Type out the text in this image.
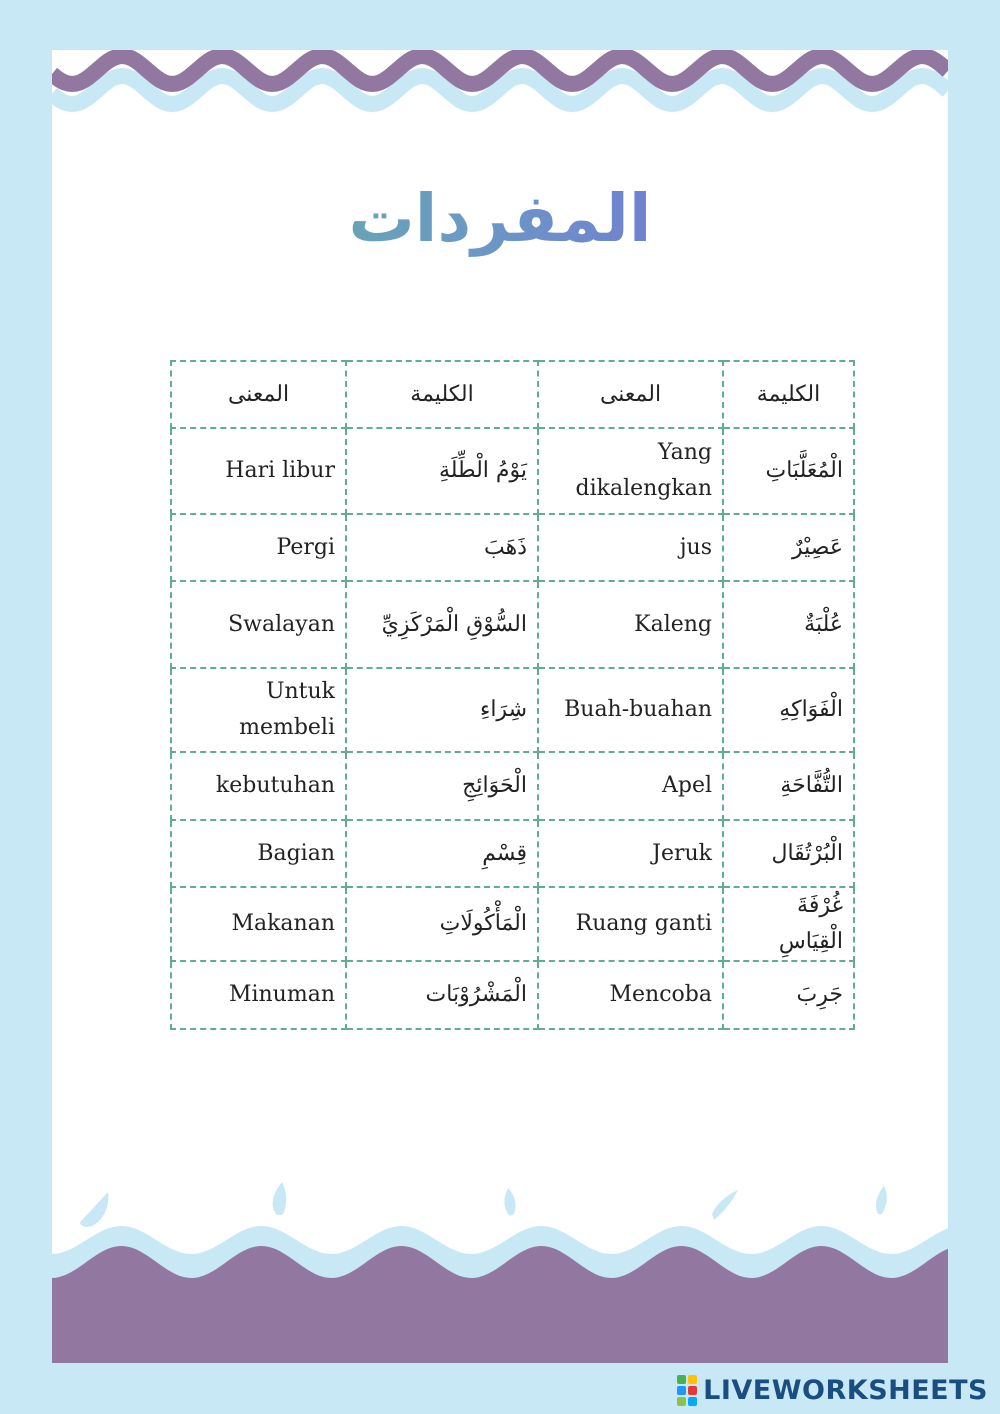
المفردات
المعنى	الكليمة	المعنى	الكليمة
Hari libur	يَوْمُ الْطِّلَةِ	Yang dikalengkan	الْمُعَلَّبَاتِ
Pergi	ذَهَبَ	jus	عَصِيْرٌ
Swalayan	السُّوْقِ الْمَرْكَزِيِّ	Kaleng	عُلْبَةٌ
Untuk membeli	شِرَاءِ	Buah-buahan	الْفَوَاكِهِ
kebutuhan	الْحَوَائِجِ	Apel	التُّفَّاحَةِ
Bagian	قِسْمِ	Jeruk	الْبُرْتُقَال
Makanan	الْمَأْكُولَاتِ	Ruang ganti	غُرْفَةَ الْقِيَاسِ
Minuman	الْمَشْرُوْبَات	Mencoba	جَرِبَ
LIVEWORKSHEETS
